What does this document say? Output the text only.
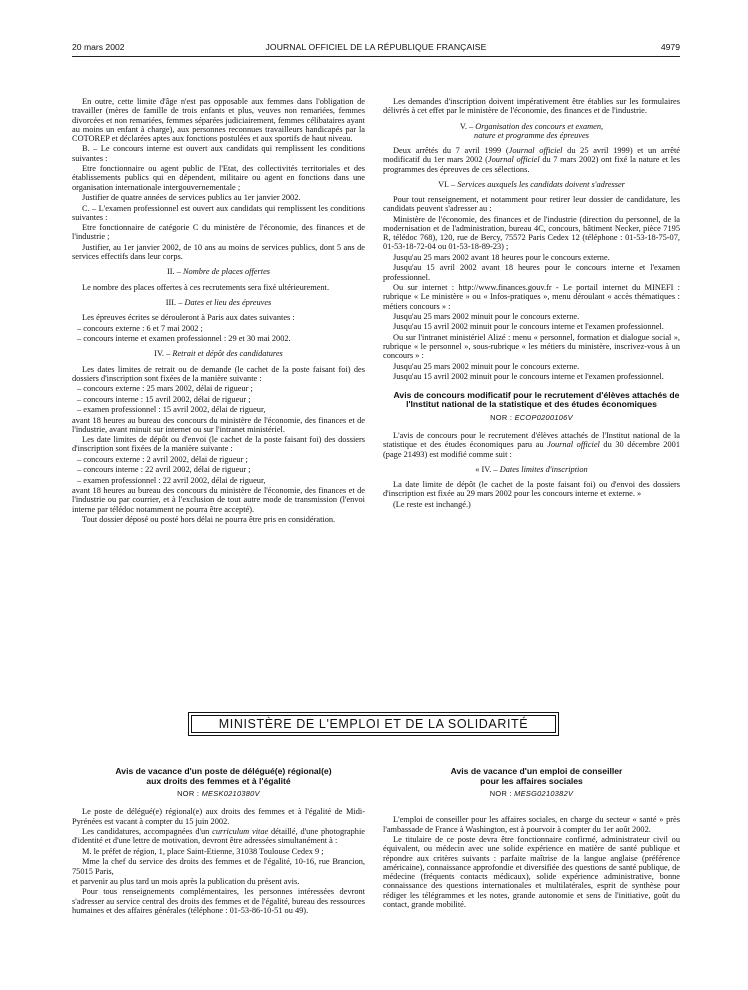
20 mars 2002	JOURNAL OFFICIEL DE LA RÉPUBLIQUE FRANÇAISE	4979

En outre, cette limite d'âge n'est pas opposable aux femmes dans l'obligation de travailler (mères de famille de trois enfants et plus, veuves non remariées, femmes divorcées et non remariées, femmes séparées judiciairement, femmes célibataires ayant au moins un enfant à charge), aux personnes reconnues travailleurs handicapés par la COTOREP et déclarées aptes aux fonctions postulées et aux sportifs de haut niveau.

B. – Le concours interne est ouvert aux candidats qui remplissent les conditions suivantes :

Etre fonctionnaire ou agent public de l'Etat, des collectivités territoriales et des établissements publics qui en dépendent, militaire ou agent en fonctions dans une organisation internationale intergouvernementale ;

Justifier de quatre années de services publics au 1er janvier 2002.

C. – L'examen professionnel est ouvert aux candidats qui remplissent les conditions suivantes :

Etre fonctionnaire de catégorie C du ministère de l'économie, des finances et de l'industrie ;

Justifier, au 1er janvier 2002, de 10 ans au moins de services publics, dont 5 ans de services effectifs dans leur corps.

II. – Nombre de places offertes

Le nombre des places offertes à ces recrutements sera fixé ultérieurement.

III. – Dates et lieu des épreuves

Les épreuves écrites se dérouleront à Paris aux dates suivantes :

– concours externe : 6 et 7 mai 2002 ;

– concours interne et examen professionnel : 29 et 30 mai 2002.

IV. – Retrait et dépôt des candidatures

Les dates limites de retrait ou de demande (le cachet de la poste faisant foi) des dossiers d'inscription sont fixées de la manière suivante :

– concours externe : 25 mars 2002, délai de rigueur ;

– concours interne : 15 avril 2002, délai de rigueur ;

– examen professionnel : 15 avril 2002, délai de rigueur,

avant 18 heures au bureau des concours du ministère de l'économie, des finances et de l'industrie, avant minuit sur internet ou sur l'intranet ministériel.

Les date limites de dépôt ou d'envoi (le cachet de la poste faisant foi) des dossiers d'inscription sont fixées de la manière suivante :

– concours externe : 2 avril 2002, délai de rigueur ;

– concours interne : 22 avril 2002, délai de rigueur ;

– examen professionnel : 22 avril 2002, délai de rigueur,

avant 18 heures au bureau des concours du ministère de l'économie, des finances et de l'industrie ou par courrier, et à l'exclusion de tout autre mode de transmission (l'envoi interne par télédoc notamment ne pourra être accepté).

Tout dossier déposé ou posté hors délai ne pourra être pris en considération.

Les demandes d'inscription doivent impérativement être établies sur les formulaires délivrés à cet effet par le ministère de l'économie, des finances et de l'industrie.

V. – Organisation des concours et examen,
nature et programme des épreuves

Deux arrêtés du 7 avril 1999 (Journal officiel du 25 avril 1999) et un arrêté modificatif du 1er mars 2002 (Journal officiel du 7 mars 2002) ont fixé la nature et les programmes des épreuves de ces sélections.

VI. – Services auxquels les candidats doivent s'adresser

Pour tout renseignement, et notamment pour retirer leur dossier de candidature, les candidats peuvent s'adresser au :

Ministère de l'économie, des finances et de l'industrie (direction du personnel, de la modernisation et de l'administration, bureau 4C, concours, bâtiment Necker, pièce 7195 R, télédoc 768), 120, rue de Bercy, 75572 Paris Cedex 12 (téléphone : 01-53-18-75-07, 01-53-18-72-04 ou 01-53-18-89-23) ;

Jusqu'au 25 mars 2002 avant 18 heures pour le concours externe.

Jusqu'au 15 avril 2002 avant 18 heures pour le concours interne et l'examen professionnel.

Ou sur internet : http://www.finances.gouv.fr - Le portail internet du MINEFI : rubrique « Le ministère » ou « Infos-pratiques », menu déroulant « accès thématiques : métiers concours » :

Jusqu'au 25 mars 2002 minuit pour le concours externe.

Jusqu'au 15 avril 2002 minuit pour le concours interne et l'examen professionnel.

Ou sur l'intranet ministériel Alizé : menu « personnel, formation et dialogue social », rubrique « le personnel », sous-rubrique « les métiers du ministère, inscrivez-vous à un concours » :

Jusqu'au 25 mars 2002 minuit pour le concours externe.

Jusqu'au 15 avril 2002 minuit pour le concours interne et l'examen professionnel.

Avis de concours modificatif pour le recrutement d'élèves attachés de l'Institut national de la statistique et des études économiques

NOR : ECOP0200106V

L'avis de concours pour le recrutement d'élèves attachés de l'Institut national de la statistique et des études économiques paru au Journal officiel du 30 décembre 2001 (page 21493) est modifié comme suit :

« IV. – Dates limites d'inscription

La date limite de dépôt (le cachet de la poste faisant foi) ou d'envoi des dossiers d'inscription est fixée au 29 mars 2002 pour les concours interne et externe. »

(Le reste est inchangé.)

MINISTÈRE DE L'EMPLOI ET DE LA SOLIDARITÉ

Avis de vacance d'un poste de délégué(e) régional(e)
aux droits des femmes et à l'égalité

NOR : MESK0210380V

Le poste de délégué(e) régional(e) aux droits des femmes et à l'égalité de Midi-Pyrénées est vacant à compter du 15 juin 2002.

Les candidatures, accompagnées d'un curriculum vitae détaillé, d'une photographie d'identité et d'une lettre de motivation, devront être adressées simultanément à :

M. le préfet de région, 1, place Saint-Etienne, 31038 Toulouse Cedex 9 ;

Mme la chef du service des droits des femmes et de l'égalité, 10-16, rue Brancion, 75015 Paris,

et parvenir au plus tard un mois après la publication du présent avis.

Pour tous renseignements complémentaires, les personnes intéressées devront s'adresser au service central des droits des femmes et de l'égalité, bureau des ressources humaines et des affaires générales (téléphone : 01-53-86-10-51 ou 49).

Avis de vacance d'un emploi de conseiller
pour les affaires sociales

NOR : MESG0210382V

L'emploi de conseiller pour les affaires sociales, en charge du secteur « santé » près l'ambassade de France à Washington, est à pourvoir à compter du 1er août 2002.

Le titulaire de ce poste devra être fonctionnaire confirmé, administrateur civil ou équivalent, ou médecin avec une solide expérience en matière de santé publique et répondre aux critères suivants : parfaite maîtrise de la langue anglaise (préférence américaine), connaissance approfondie et diversifiée des questions de santé publique, de médecine (fréquents contacts médicaux), solide expérience administrative, bonne connaissance des questions internationales et multilatérales, esprit de synthèse pour rédiger les télégrammes et les notes, grande autonomie et sens de l'initiative, goût du contact, grande mobilité.
